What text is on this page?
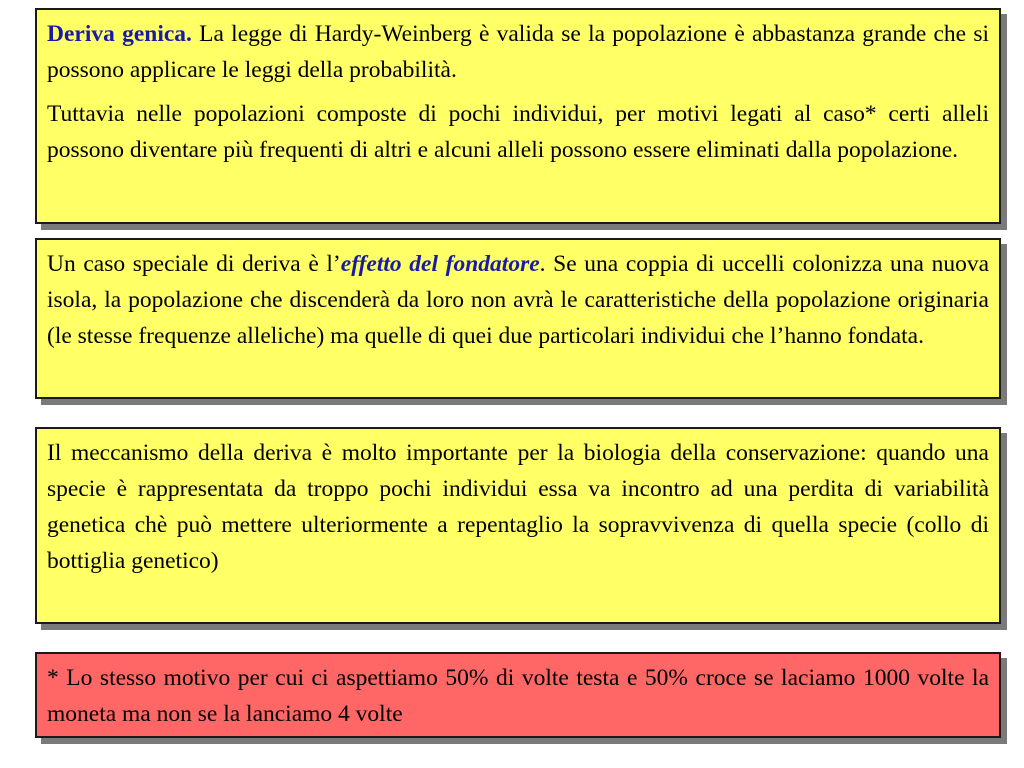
Deriva genica. La legge di Hardy-Weinberg è valida se la popolazione è abbastanza grande che si possono applicare le leggi della probabilità.

Tuttavia nelle popolazioni composte di pochi individui, per motivi legati al caso* certi alleli possono diventare più frequenti di altri e alcuni alleli possono essere eliminati dalla popolazione.

Un caso speciale di deriva è l’effetto del fondatore. Se una coppia di uccelli colonizza una nuova isola, la popolazione che discenderà da loro non avrà le caratteristiche della popolazione originaria (le stesse frequenze alleliche) ma quelle di quei due particolari individui che l’hanno fondata.

Il meccanismo della deriva è molto importante per la biologia della conservazione: quando una specie è rappresentata da troppo pochi individui essa va incontro ad una perdita di variabilità genetica chè può mettere ulteriormente a repentaglio la sopravvivenza di quella specie (collo di bottiglia genetico)

* Lo stesso motivo per cui ci aspettiamo 50% di volte testa e 50% croce se laciamo 1000 volte la moneta ma non se la lanciamo 4 volte
